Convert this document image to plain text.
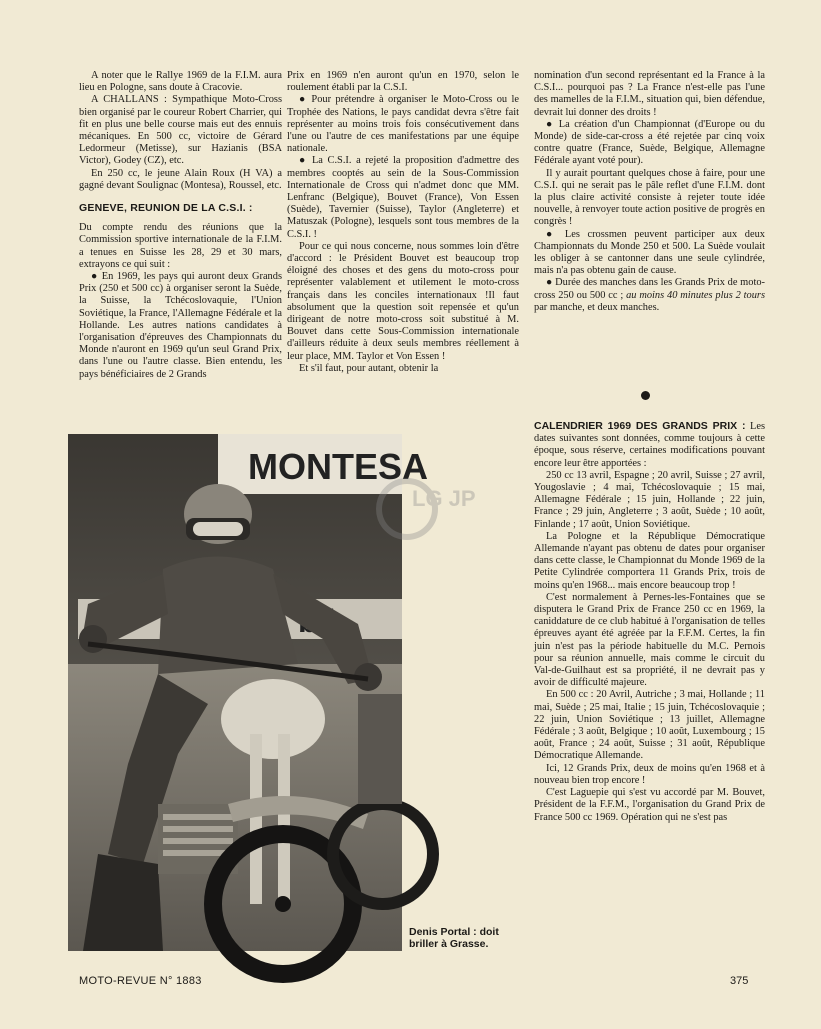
A noter que le Rallye 1969 de la F.I.M. aura lieu en Pologne, sans doute à Cracovie.

A CHALLANS : Sympathique Moto-Cross bien organisé par le coureur Robert Charrier, qui fit en plus une belle course mais eut des ennuis mécaniques. En 500 cc, victoire de Gérard Ledormeur (Metisse), sur Hazianis (BSA Victor), Godey (CZ), etc.

En 250 cc, le jeune Alain Roux (H VA) a gagné devant Soulignac (Montesa), Roussel, etc.

GENEVE, REUNION DE LA C.S.I. :

Du compte rendu des réunions que la Commission sportive internationale de la F.I.M. a tenues en Suisse les 28, 29 et 30 mars, extrayons ce qui suit :

● En 1969, les pays qui auront deux Grands Prix (250 et 500 cc) à organiser seront la Suède, la Suisse, la Tchécoslovaquie, l'Union Soviétique, la France, l'Allemagne Fédérale et la Hollande. Les autres nations candidates à l'organisation d'épreuves des Championnats du Monde n'auront en 1969 qu'un seul Grand Prix, dans l'une ou l'autre classe. Bien entendu, les pays bénéficiaires de 2 Grands

Prix en 1969 n'en auront qu'un en 1970, selon le roulement établi par la C.S.I.

● Pour prétendre à organiser le Moto-Cross ou le Trophée des Nations, le pays candidat devra s'être fait représenter au moins trois fois consécutivement dans l'une ou l'autre de ces manifestations par une équipe nationale.

● La C.S.I. a rejeté la proposition d'admettre des membres cooptés au sein de la Sous-Commission Internationale de Cross qui n'admet donc que MM. Lenfranc (Belgique), Bouvet (France), Von Essen (Suède), Tavernier (Suisse), Taylor (Angleterre) et Matuszak (Pologne), lesquels sont tous membres de la C.S.I. !

Pour ce qui nous concerne, nous sommes loin d'être d'accord : le Président Bouvet est beaucoup trop éloigné des choses et des gens du moto-cross pour représenter valablement et utilement le moto-cross français dans les conciles internationaux !Il faut absolument que la question soit repensée et qu'un dirigeant de notre moto-cross soit substitué à M. Bouvet dans cette Sous-Commission internationale d'ailleurs réduite à deux seuls membres réellement à leur place, MM. Taylor et Von Essen !

Et s'il faut, pour autant, obtenir la

nomination d'un second représentant ed la France à la C.S.I... pourquoi pas ? La France n'est-elle pas l'une des mamelles de la F.I.M., situation qui, bien défendue, devrait lui donner des droits !

● La création d'un Championnat (d'Europe ou du Monde) de side-car-cross a été rejetée par cinq voix contre quatre (France, Suède, Belgique, Allemagne Fédérale ayant voté pour).

Il y aurait pourtant quelques chose à faire, pour une C.S.I. qui ne serait pas le pâle reflet d'une F.I.M. dont la plus claire activité consiste à rejeter toute idée nouvelle, à renvoyer toute action positive de progrès en congrès !

● Les crossmen peuvent participer aux deux Championnats du Monde 250 et 500. La Suède voulait les obliger à se cantonner dans une seule cylindrée, mais n'a pas obtenu gain de cause.

● Durée des manches dans les Grands Prix de moto-cross 250 ou 500 cc ; au moins 40 minutes plus 2 tours par manche, et deux manches.

CALENDRIER 1969 DES GRANDS PRIX : Les dates suivantes sont données, comme toujours à cette époque, sous réserve, certaines modifications pouvant encore leur être apportées :

250 cc 13 avril, Espagne ; 20 avril, Suisse ; 27 avril, Yougoslavie ; 4 mai, Tchécoslovaquie ; 15 mai, Allemagne Fédérale ; 15 juin, Hollande ; 22 juin, France ; 29 juin, Angleterre ; 3 août, Suède ; 10 août, Finlande ; 17 août, Union Soviétique.

La Pologne et la République Démocratique Allemande n'ayant pas obtenu de dates pour organiser dans cette classe, le Championnat du Monde 1969 de la Petite Cylindrée comportera 11 Grands Prix, trois de moins qu'en 1968... mais encore beaucoup trop !

C'est normalement à Pernes-les-Fontaines que se disputera le Grand Prix de France 250 cc en 1969, la caniddature de ce club habitué à l'organisation de telles épreuves ayant été agréée par la F.F.M. Certes, la fin juin n'est pas la période habituelle du M.C. Pernois pour sa réunion annuelle, mais comme le circuit du Val-de-Guilhaut est sa propriété, il ne devrait pas y avoir de difficulté majeure.

En 500 cc : 20 Avril, Autriche ; 3 mai, Hollande ; 11 mai, Suède ; 25 mai, Italie ; 15 juin, Tchécoslovaquie ; 22 juin, Union Soviétique ; 13 juillet, Allemagne Fédérale ; 3 août, Belgique ; 10 août, Luxembourg ; 15 août, France ; 24 août, Suisse ; 31 août, République Démocratique Allemande.

Ici, 12 Grands Prix, deux de moins qu'en 1968 et à nouveau bien trop encore !

C'est Laguepie qui s'est vu accordé par M. Bouvet, Président de la F.F.M., l'organisation du Grand Prix de France 500 cc 1969. Opération qui ne s'est pas

MONTESA
LG JP
Denis Portal : doit briller à Grasse.
MOTO-REVUE N° 1883	375
